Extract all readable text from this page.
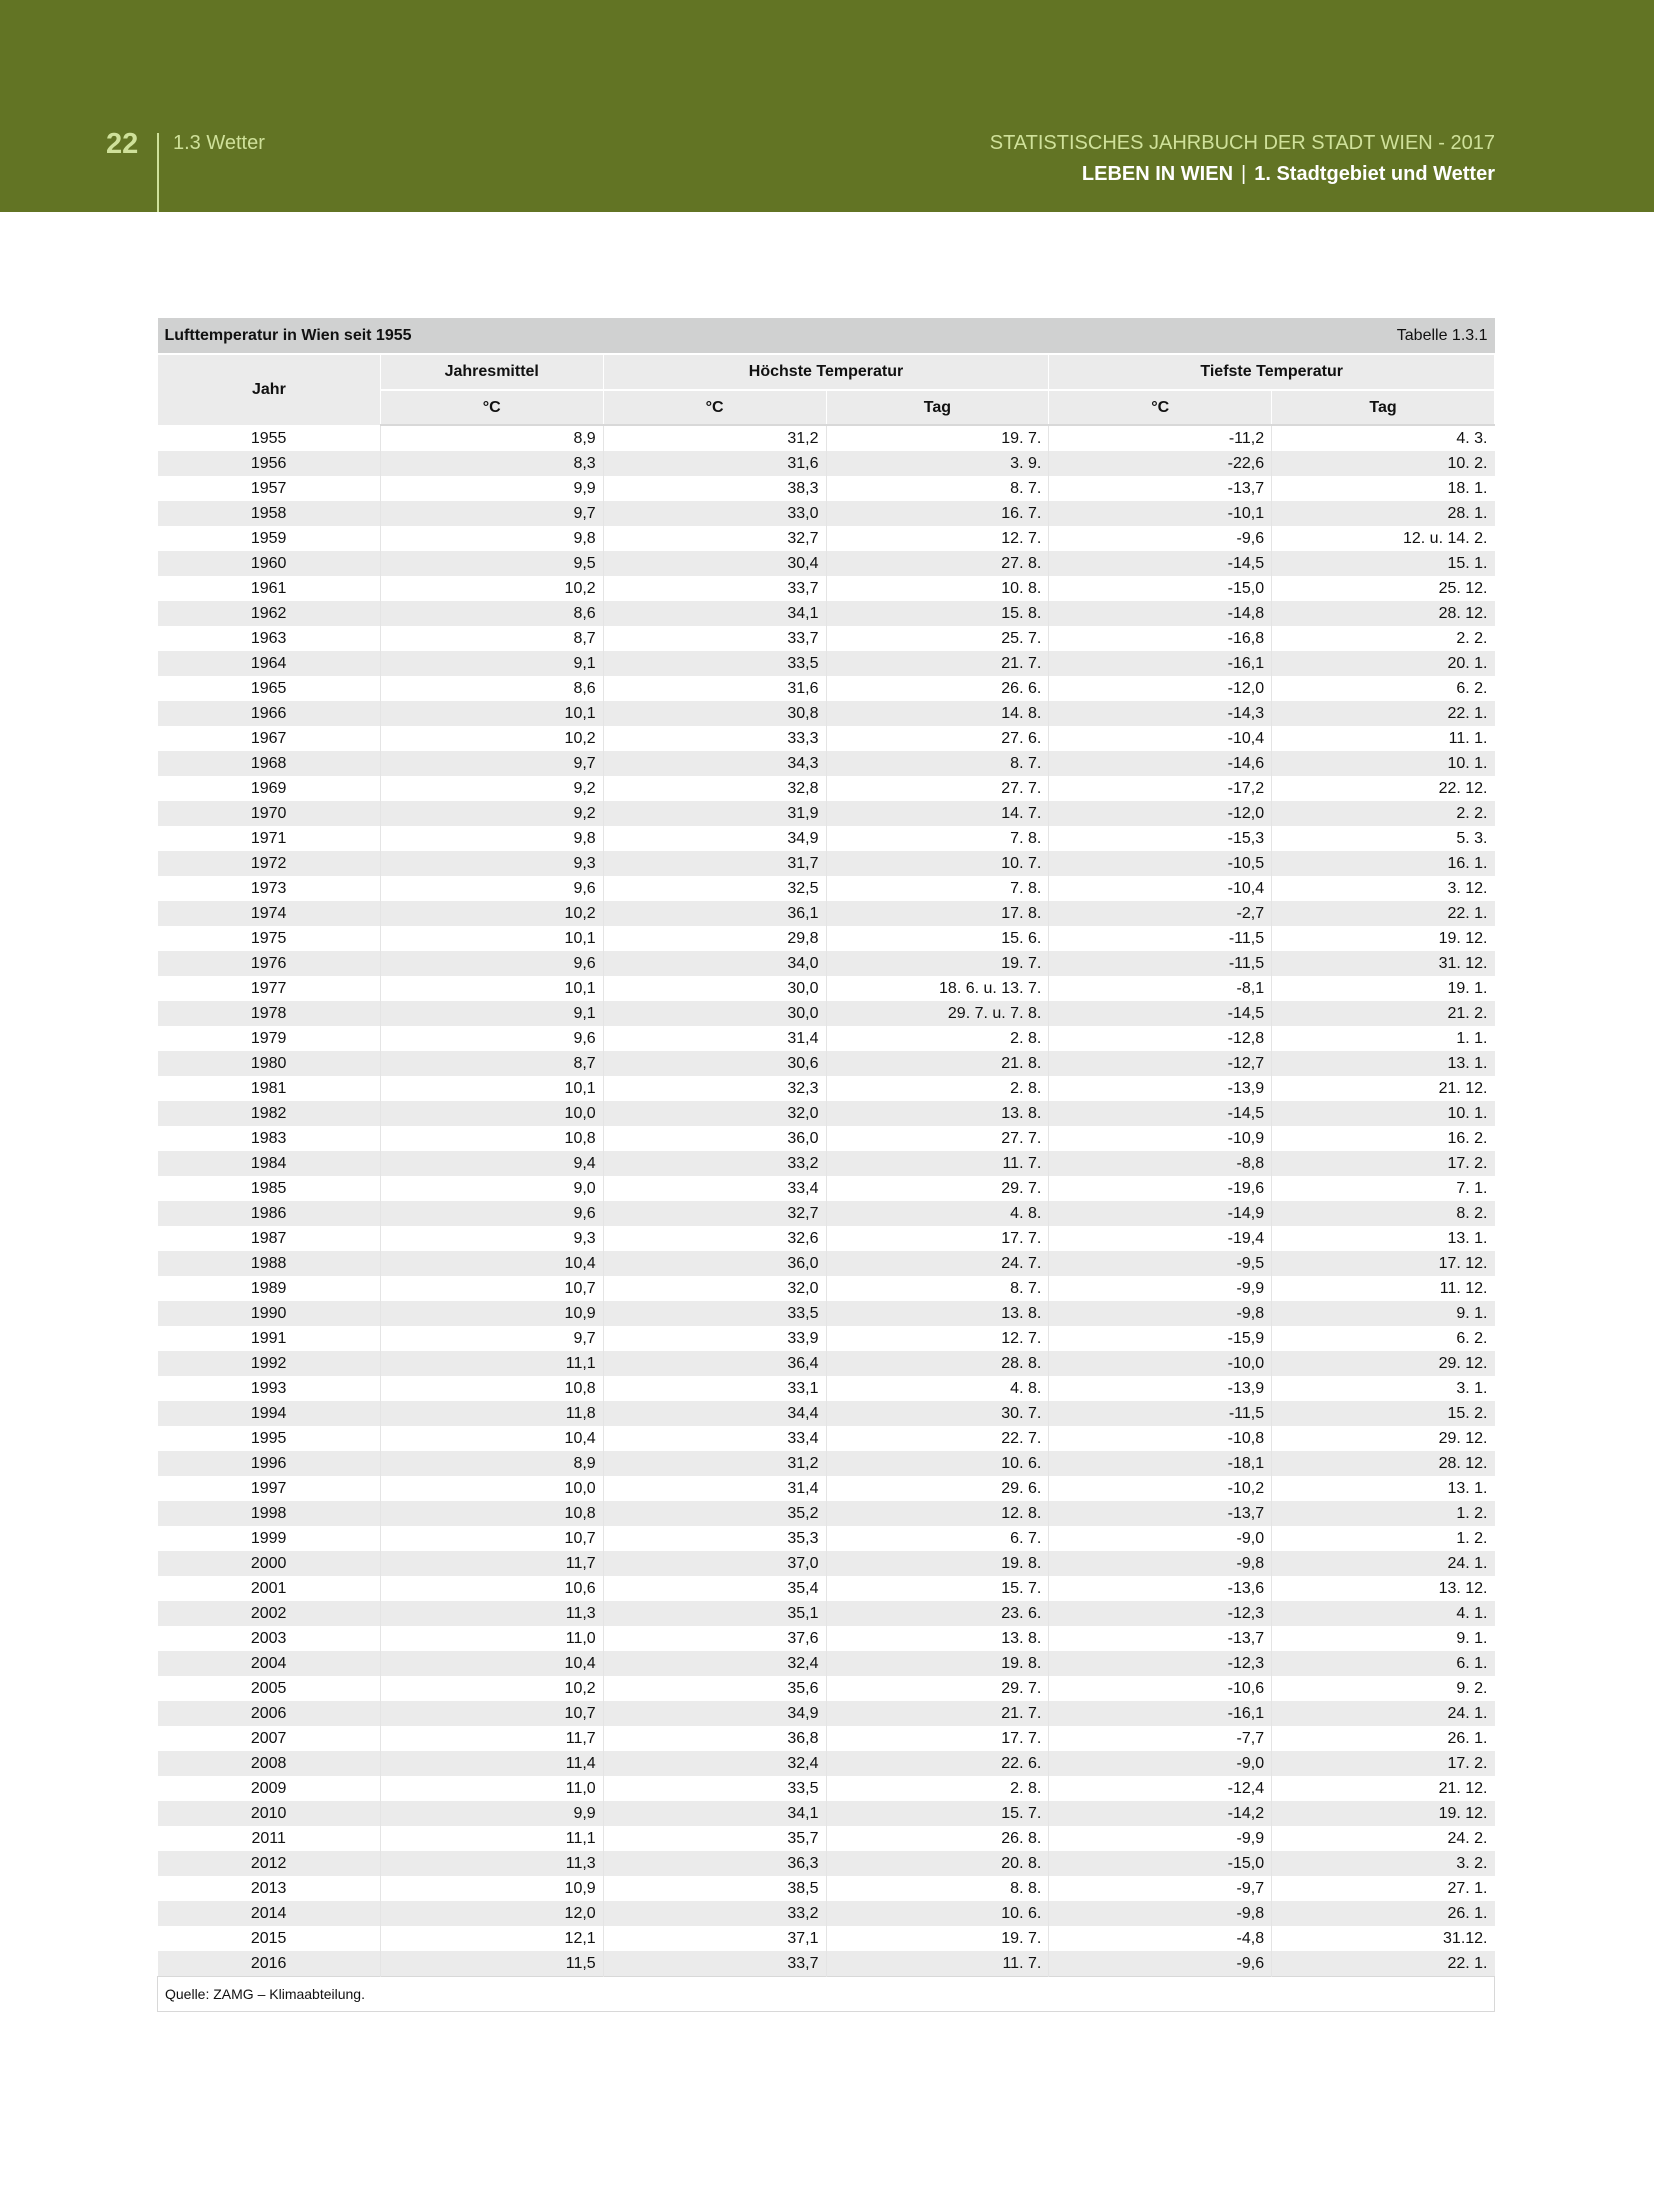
22 1.3 Wetter	STATISTISCHES JAHRBUCH DER STADT WIEN - 2017
LEBEN IN WIEN | 1. Stadtgebiet und Wetter
Lufttemperatur in Wien seit 1955			Tabelle 1.3.1		
Jahr	Jahresmittel	Höchste Temperatur		Tiefste Temperatur	
	°C	°C	Tag	°C	Tag
1955	8,9	31,2	19. 7.	-11,2	4. 3.
1956	8,3	31,6	3. 9.	-22,6	10. 2.
1957	9,9	38,3	8. 7.	-13,7	18. 1.
1958	9,7	33,0	16. 7.	-10,1	28. 1.
1959	9,8	32,7	12. 7.	-9,6	12. u. 14. 2.
1960	9,5	30,4	27. 8.	-14,5	15. 1.
1961	10,2	33,7	10. 8.	-15,0	25. 12.
1962	8,6	34,1	15. 8.	-14,8	28. 12.
1963	8,7	33,7	25. 7.	-16,8	2. 2.
1964	9,1	33,5	21. 7.	-16,1	20. 1.
1965	8,6	31,6	26. 6.	-12,0	6. 2.
1966	10,1	30,8	14. 8.	-14,3	22. 1.
1967	10,2	33,3	27. 6.	-10,4	11. 1.
1968	9,7	34,3	8. 7.	-14,6	10. 1.
1969	9,2	32,8	27. 7.	-17,2	22. 12.
1970	9,2	31,9	14. 7.	-12,0	2. 2.
1971	9,8	34,9	7. 8.	-15,3	5. 3.
1972	9,3	31,7	10. 7.	-10,5	16. 1.
1973	9,6	32,5	7. 8.	-10,4	3. 12.
1974	10,2	36,1	17. 8.	-2,7	22. 1.
1975	10,1	29,8	15. 6.	-11,5	19. 12.
1976	9,6	34,0	19. 7.	-11,5	31. 12.
1977	10,1	30,0	18. 6. u. 13. 7.	-8,1	19. 1.
1978	9,1	30,0	29. 7. u. 7. 8.	-14,5	21. 2.
1979	9,6	31,4	2. 8.	-12,8	1. 1.
1980	8,7	30,6	21. 8.	-12,7	13. 1.
1981	10,1	32,3	2. 8.	-13,9	21. 12.
1982	10,0	32,0	13. 8.	-14,5	10. 1.
1983	10,8	36,0	27. 7.	-10,9	16. 2.
1984	9,4	33,2	11. 7.	-8,8	17. 2.
1985	9,0	33,4	29. 7.	-19,6	7. 1.
1986	9,6	32,7	4. 8.	-14,9	8. 2.
1987	9,3	32,6	17. 7.	-19,4	13. 1.
1988	10,4	36,0	24. 7.	-9,5	17. 12.
1989	10,7	32,0	8. 7.	-9,9	11. 12.
1990	10,9	33,5	13. 8.	-9,8	9. 1.
1991	9,7	33,9	12. 7.	-15,9	6. 2.
1992	11,1	36,4	28. 8.	-10,0	29. 12.
1993	10,8	33,1	4. 8.	-13,9	3. 1.
1994	11,8	34,4	30. 7.	-11,5	15. 2.
1995	10,4	33,4	22. 7.	-10,8	29. 12.
1996	8,9	31,2	10. 6.	-18,1	28. 12.
1997	10,0	31,4	29. 6.	-10,2	13. 1.
1998	10,8	35,2	12. 8.	-13,7	1. 2.
1999	10,7	35,3	6. 7.	-9,0	1. 2.
2000	11,7	37,0	19. 8.	-9,8	24. 1.
2001	10,6	35,4	15. 7.	-13,6	13. 12.
2002	11,3	35,1	23. 6.	-12,3	4. 1.
2003	11,0	37,6	13. 8.	-13,7	9. 1.
2004	10,4	32,4	19. 8.	-12,3	6. 1.
2005	10,2	35,6	29. 7.	-10,6	9. 2.
2006	10,7	34,9	21. 7.	-16,1	24. 1.
2007	11,7	36,8	17. 7.	-7,7	26. 1.
2008	11,4	32,4	22. 6.	-9,0	17. 2.
2009	11,0	33,5	2. 8.	-12,4	21. 12.
2010	9,9	34,1	15. 7.	-14,2	19. 12.
2011	11,1	35,7	26. 8.	-9,9	24. 2.
2012	11,3	36,3	20. 8.	-15,0	3. 2.
2013	10,9	38,5	8. 8.	-9,7	27. 1.
2014	12,0	33,2	10. 6.	-9,8	26. 1.
2015	12,1	37,1	19. 7.	-4,8	31.12.
2016	11,5	33,7	11. 7.	-9,6	22. 1.
Quelle: ZAMG – Klimaabteilung.					
